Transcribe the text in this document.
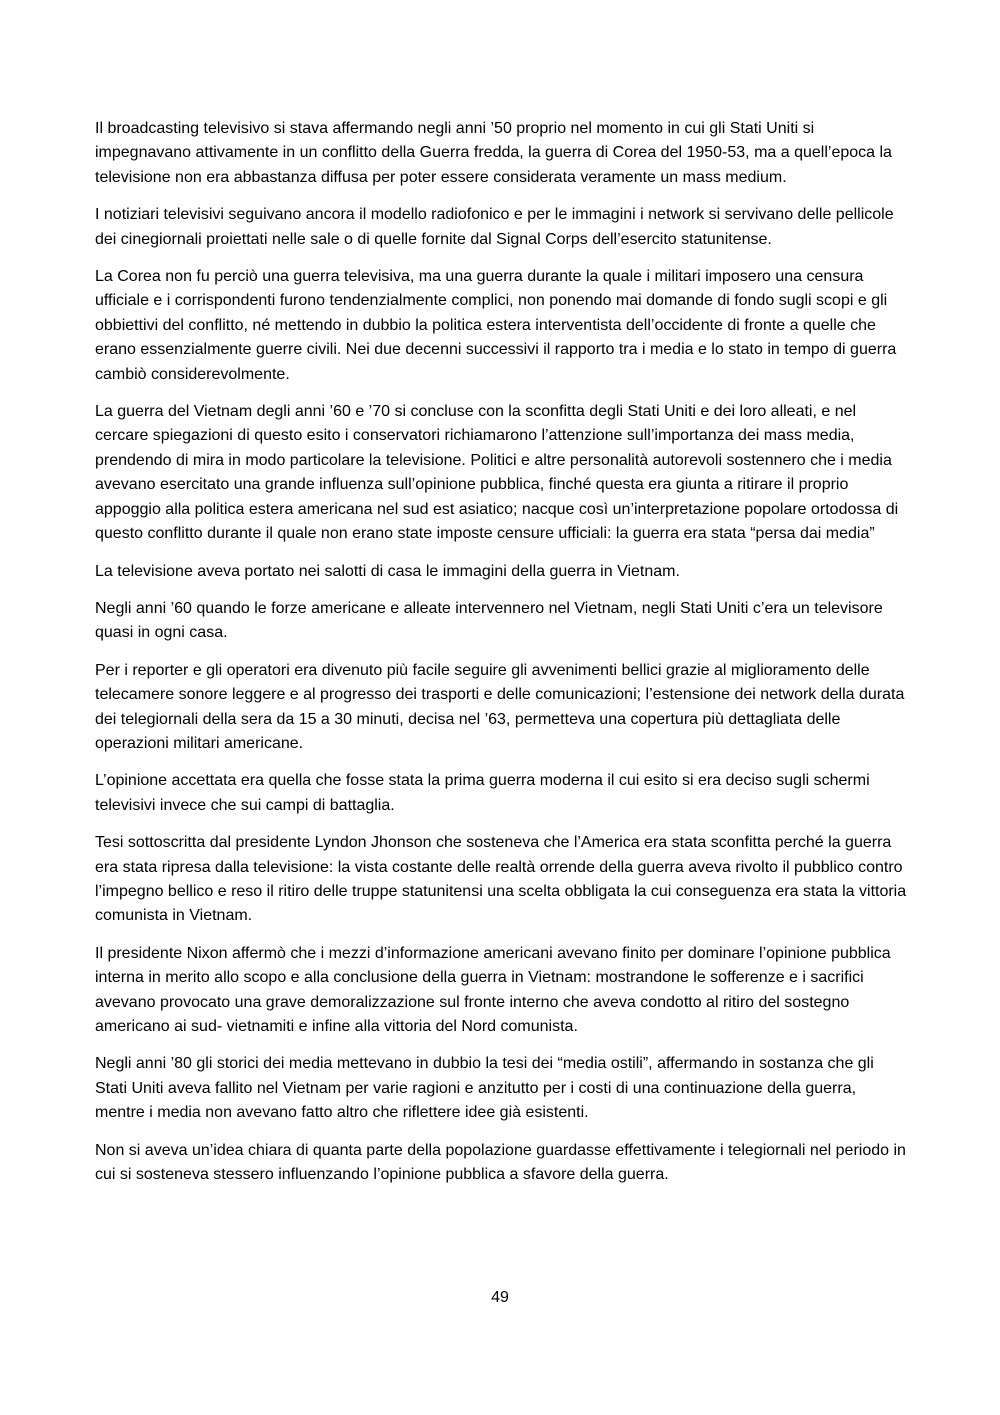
Il broadcasting televisivo si stava affermando negli anni ’50 proprio nel momento in cui gli Stati Uniti si impegnavano attivamente in un conflitto della Guerra fredda, la guerra di Corea del 1950-53, ma a quell’epoca la televisione non era abbastanza diffusa per poter essere considerata veramente un mass medium.

I notiziari televisivi seguivano ancora il modello radiofonico e per le immagini i network si servivano delle pellicole dei cinegiornali proiettati nelle sale o di quelle fornite dal Signal Corps dell’esercito statunitense.

La Corea non fu perciò una guerra televisiva, ma una guerra durante la quale i militari imposero una censura ufficiale e i corrispondenti furono tendenzialmente complici, non ponendo mai domande di fondo sugli scopi e gli obbiettivi del conflitto, né mettendo in dubbio la politica estera interventista dell’occidente di fronte a quelle che erano essenzialmente guerre civili. Nei due decenni successivi il rapporto tra i media e lo stato in tempo di guerra cambiò considerevolmente.

La guerra del Vietnam degli anni ’60 e ’70 si concluse con la sconfitta degli Stati Uniti e dei loro alleati, e nel cercare spiegazioni di questo esito i conservatori richiamarono l’attenzione sull’importanza dei mass media, prendendo di mira in modo particolare la televisione. Politici e altre personalità autorevoli sostennero che i media avevano esercitato una grande influenza sull’opinione pubblica, finché questa era giunta a ritirare il proprio appoggio alla politica estera americana nel sud est asiatico; nacque così un’interpretazione popolare ortodossa di questo conflitto durante il quale non erano state imposte censure ufficiali: la guerra era stata “persa dai media”

La televisione aveva portato nei salotti di casa le immagini della guerra in Vietnam.

Negli anni ’60 quando le forze americane e alleate intervennero nel Vietnam, negli Stati Uniti c’era un televisore quasi in ogni casa.

Per i reporter e gli operatori era divenuto più facile seguire gli avvenimenti bellici grazie al miglioramento delle telecamere sonore leggere e al progresso dei trasporti e delle comunicazioni; l’estensione dei network della durata dei telegiornali della sera da 15 a 30 minuti, decisa nel ’63, permetteva una copertura più dettagliata delle operazioni militari americane.

L’opinione accettata era quella che fosse stata la prima guerra moderna il cui esito si era deciso sugli schermi televisivi invece che sui campi di battaglia.

Tesi sottoscritta dal presidente Lyndon Jhonson che sosteneva che l’America era stata sconfitta perché la guerra era stata ripresa dalla televisione: la vista costante delle realtà orrende della guerra aveva rivolto il pubblico contro l’impegno bellico e reso il ritiro delle truppe statunitensi una scelta obbligata la cui conseguenza era stata la vittoria comunista in Vietnam.

Il presidente Nixon affermò che i mezzi d’informazione americani avevano finito per dominare l’opinione pubblica interna in merito allo scopo e alla conclusione della guerra in Vietnam: mostrandone le sofferenze e i sacrifici avevano provocato una grave demoralizzazione sul fronte interno che aveva condotto al ritiro del sostegno americano ai sud- vietnamiti e infine alla vittoria del Nord comunista.

Negli anni ’80 gli storici dei media mettevano in dubbio la tesi dei “media ostili”, affermando in sostanza che gli Stati Uniti aveva fallito nel Vietnam per varie ragioni e anzitutto per i costi di una continuazione della guerra, mentre i media non avevano fatto altro che riflettere idee già esistenti.

Non si aveva un’idea chiara di quanta parte della popolazione guardasse effettivamente i telegiornali nel periodo in cui si sosteneva stessero influenzando l’opinione pubblica a sfavore della guerra.

49
